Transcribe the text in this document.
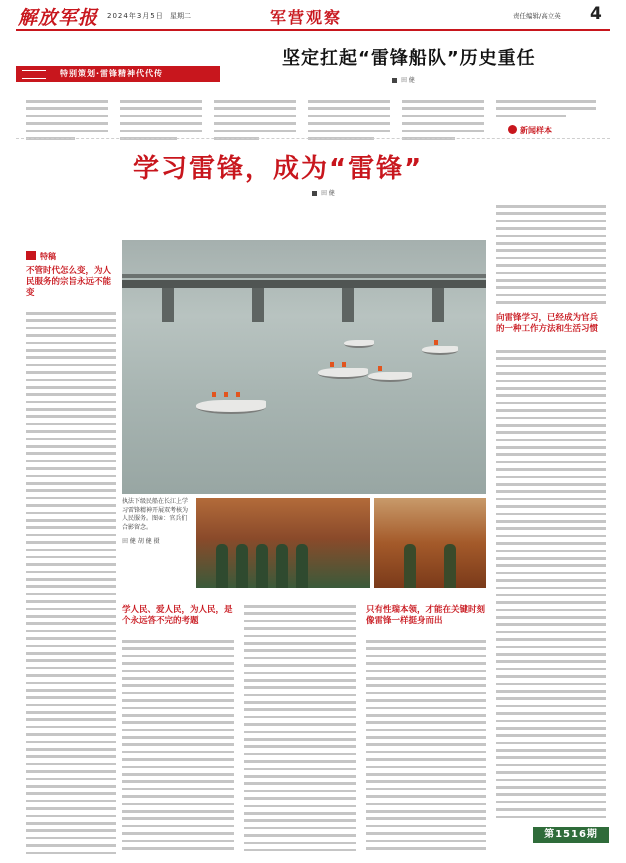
解放军报 2024年3月5日 星期二	军营观察	责任编辑/高立英 4
特别策划·雷锋精神代代传
坚定扛起“雷锋船队”历史重任
田 健
新闻样本
学习雷锋，成为“雷锋”
田 健
特稿
不管时代怎么变，为人民服务的宗旨永远不能变
向雷锋学习，已经成为官兵的一种工作方法和生活习惯
执法下级民船在长江上学习雷锋精神开展双考核为人民服务。图④：官兵们合影留念。
田 健 胡 健 摄
学人民、爱人民，为人民，是个永远答不完的考题
只有性瑞本领，才能在关键时刻像雷锋一样挺身而出
第1516期
